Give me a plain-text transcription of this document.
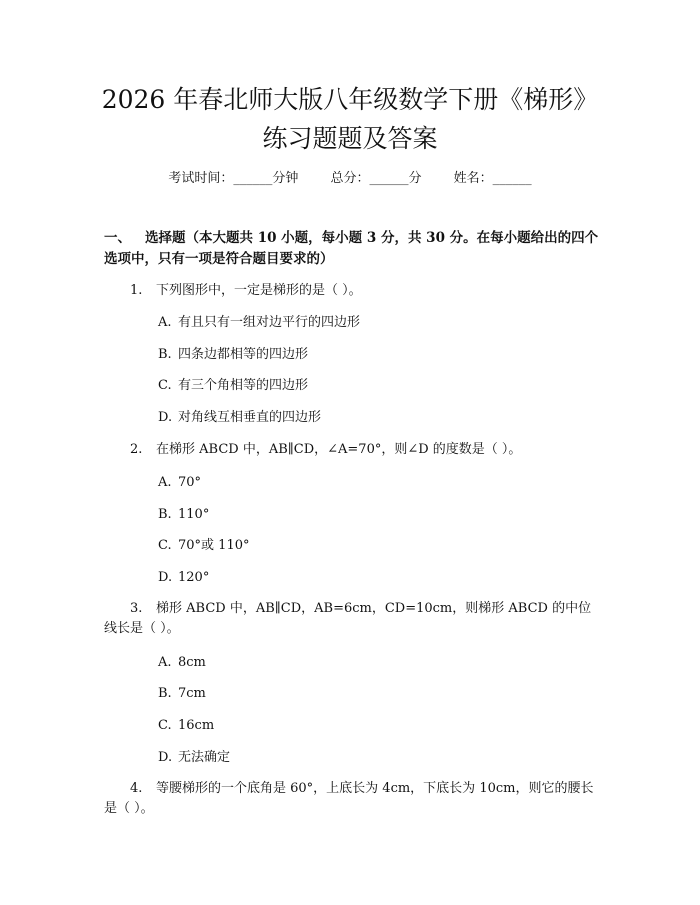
2026 年春北师大版八年级数学下册《梯形》
练习题题及答案
考试时间：______分钟 总分：______分 姓名：______
一、 选择题（本大题共 10 小题，每小题 3 分，共 30 分。在每小题给出的四个选项中，只有一项是符合题目要求的）
1. 下列图形中，一定是梯形的是（ ）。
A. 有且只有一组对边平行的四边形
B. 四条边都相等的四边形
C. 有三个角相等的四边形
D. 对角线互相垂直的四边形
2. 在梯形 ABCD 中，AB∥CD，∠A=70°，则∠D 的度数是（ ）。
A. 70°
B. 110°
C. 70°或 110°
D. 120°
3. 梯形 ABCD 中，AB∥CD，AB=6cm，CD=10cm，则梯形 ABCD 的中位线长是（ ）。
A. 8cm
B. 7cm
C. 16cm
D. 无法确定
4. 等腰梯形的一个底角是 60°，上底长为 4cm，下底长为 10cm，则它的腰长是（ ）。
